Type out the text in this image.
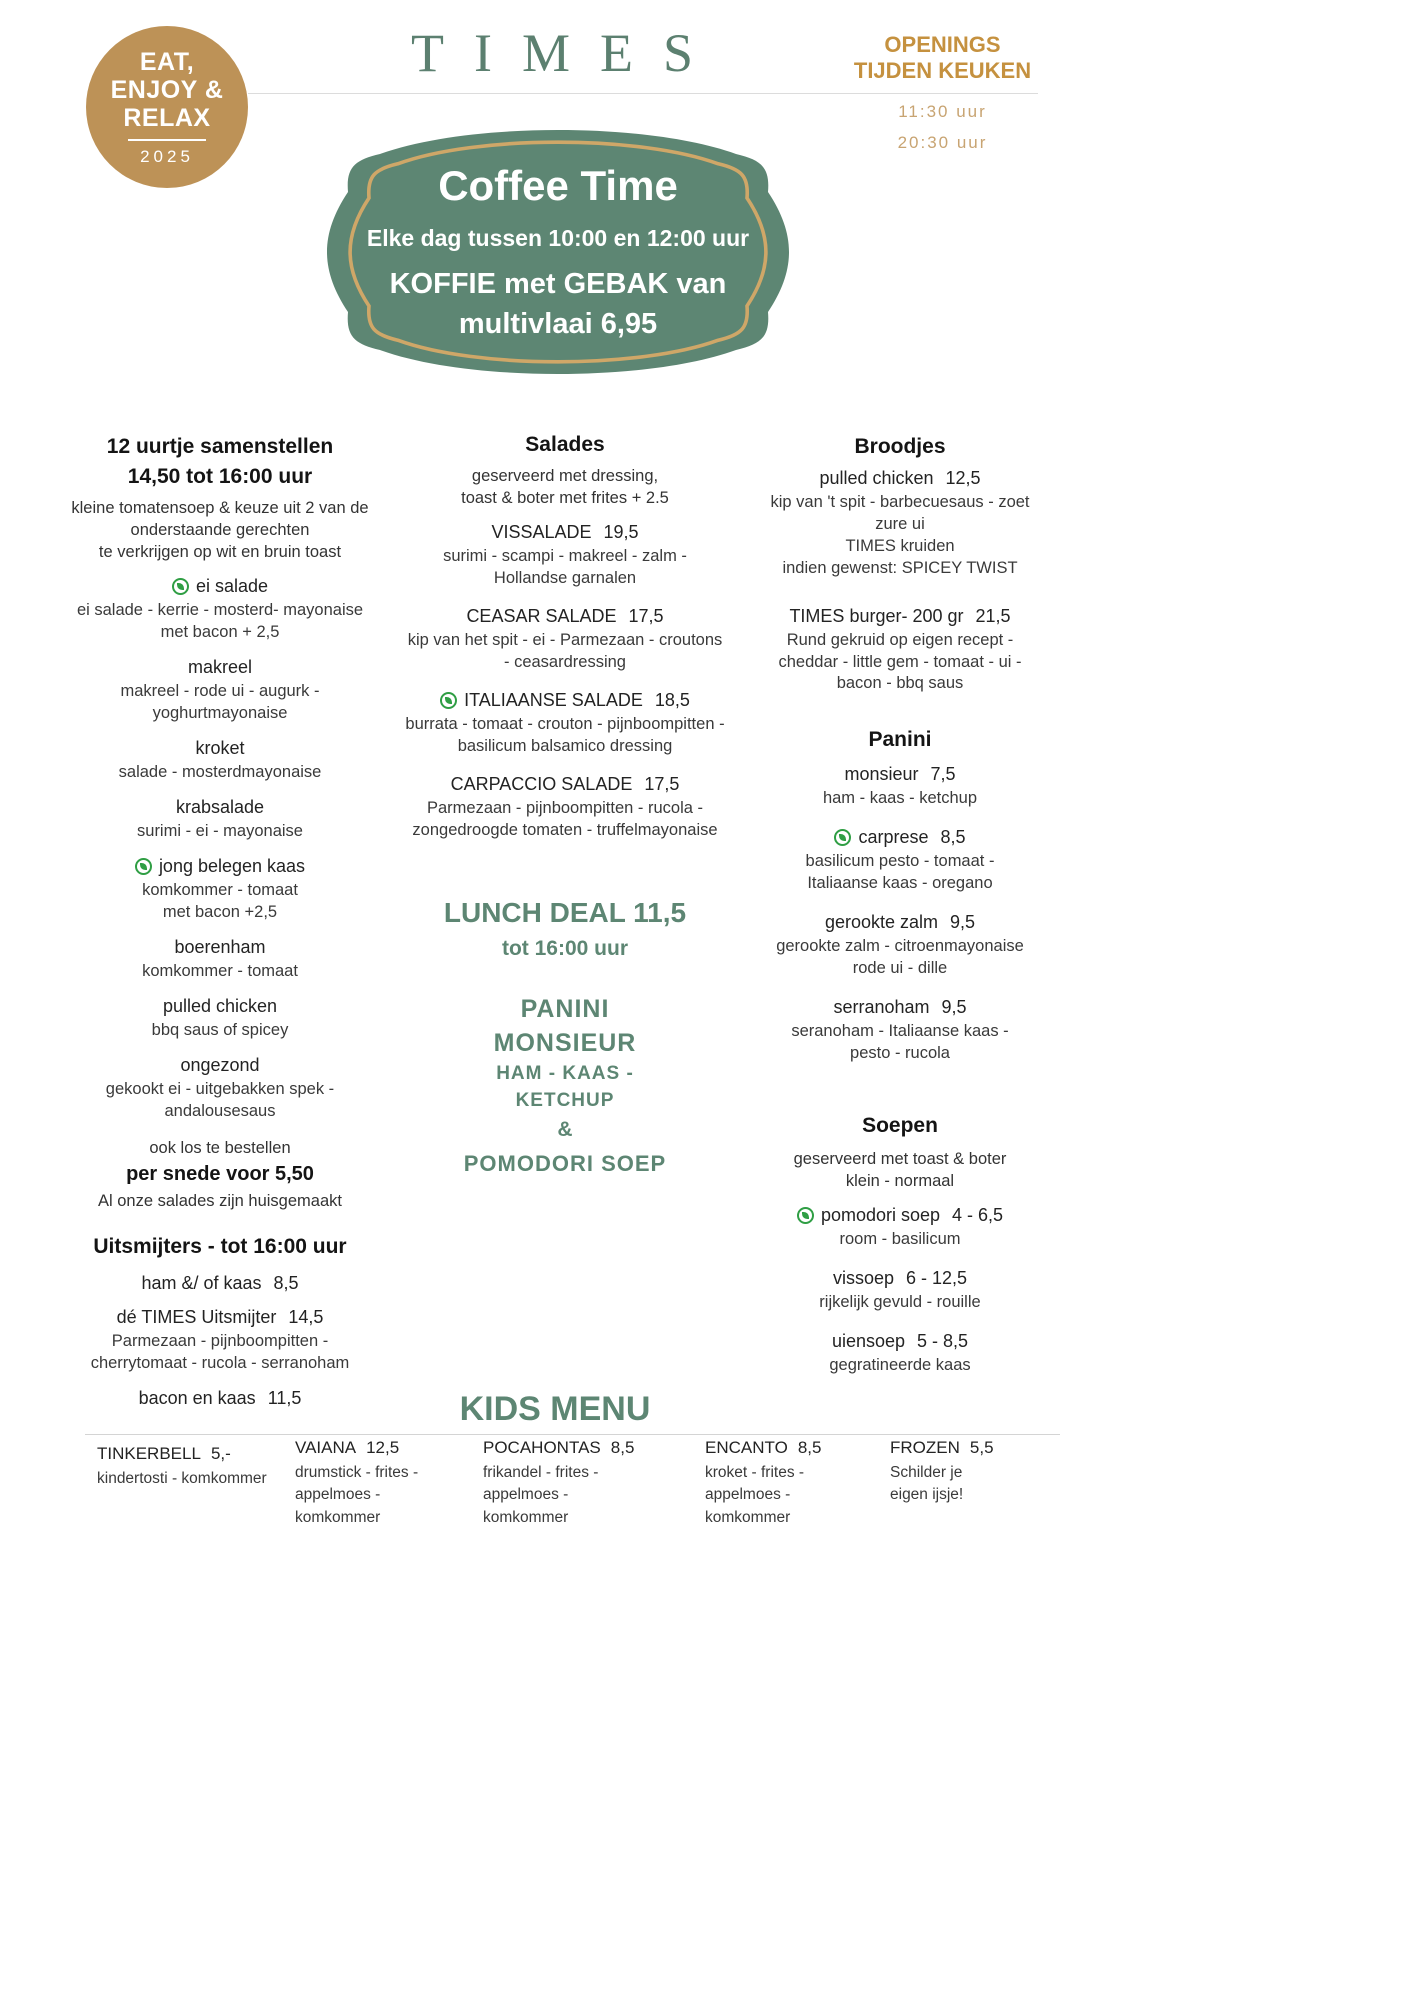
EAT,
ENJOY &
RELAX
2025
TIMES	OPENINGS
TIJDEN KEUKEN
11:30 uur
20:30 uur
Coffee Time
Elke dag tussen 10:00 en 12:00 uur
KOFFIE met GEBAK van
multivlaai 6,95
12 uurtje samenstellen
14,50 tot 16:00 uur
kleine tomatensoep & keuze uit 2 van de
onderstaande gerechten
te verkrijgen op wit en bruin toast
ei salade
ei salade - kerrie - mosterd- mayonaise
met bacon + 2,5
makreel
makreel - rode ui - augurk - yoghurtmayonaise
kroket
salade - mosterdmayonaise
krabsalade
surimi - ei - mayonaise
jong belegen kaas
komkommer - tomaat
met bacon +2,5
boerenham
komkommer - tomaat
pulled chicken
bbq saus of spicey
ongezond
gekookt ei - uitgebakken spek - andalousesaus
ook los te bestellen
per snede voor 5,50
Al onze salades zijn huisgemaakt
Uitsmijters - tot 16:00 uur
ham &/ of kaas 8,5
dé TIMES Uitsmijter 14,5
Parmezaan - pijnboompitten - cherrytomaat - rucola - serranoham
bacon en kaas 11,5
Salades
geserveerd met dressing,
toast & boter met frites + 2.5
VISSALADE 19,5
surimi - scampi - makreel - zalm - Hollandse garnalen
CEASAR SALADE 17,5
kip van het spit - ei - Parmezaan - croutons - ceasardressing
ITALIAANSE SALADE 18,5
burrata - tomaat - crouton - pijnboompitten - basilicum balsamico dressing
CARPACCIO SALADE 17,5
Parmezaan - pijnboompitten - rucola - zongedroogde tomaten - truffelmayonaise
LUNCH DEAL 11,5
tot 16:00 uur
PANINI
MONSIEUR
HAM - KAAS -
KETCHUP
&
POMODORI SOEP
Broodjes
pulled chicken 12,5
kip van 't spit - barbecuesaus - zoet zure ui
TIMES kruiden
indien gewenst: SPICEY TWIST
TIMES burger- 200 gr 21,5
Rund gekruid op eigen recept - cheddar - little gem - tomaat - ui - bacon - bbq saus
Panini
monsieur 7,5
ham - kaas - ketchup
carprese 8,5
basilicum pesto - tomaat - Italiaanse kaas - oregano
gerookte zalm 9,5
gerookte zalm - citroenmayonaise rode ui - dille
serranoham 9,5
seranoham - Italiaanse kaas - pesto - rucola
Soepen
geserveerd met toast & boter
klein - normaal
pomodori soep 4 - 6,5
room - basilicum
vissoep 6 - 12,5
rijkelijk gevuld - rouille
uiensoep 5 - 8,5
gegratineerde kaas
KIDS MENU
TINKERBELL 5,-
kindertosti - komkommer
VAIANA 12,5
drumstick - frites - appelmoes - komkommer
POCAHONTAS 8,5
frikandel - frites - appelmoes - komkommer
ENCANTO 8,5
kroket - frites - appelmoes - komkommer
FROZEN 5,5
Schilder je eigen ijsje!
